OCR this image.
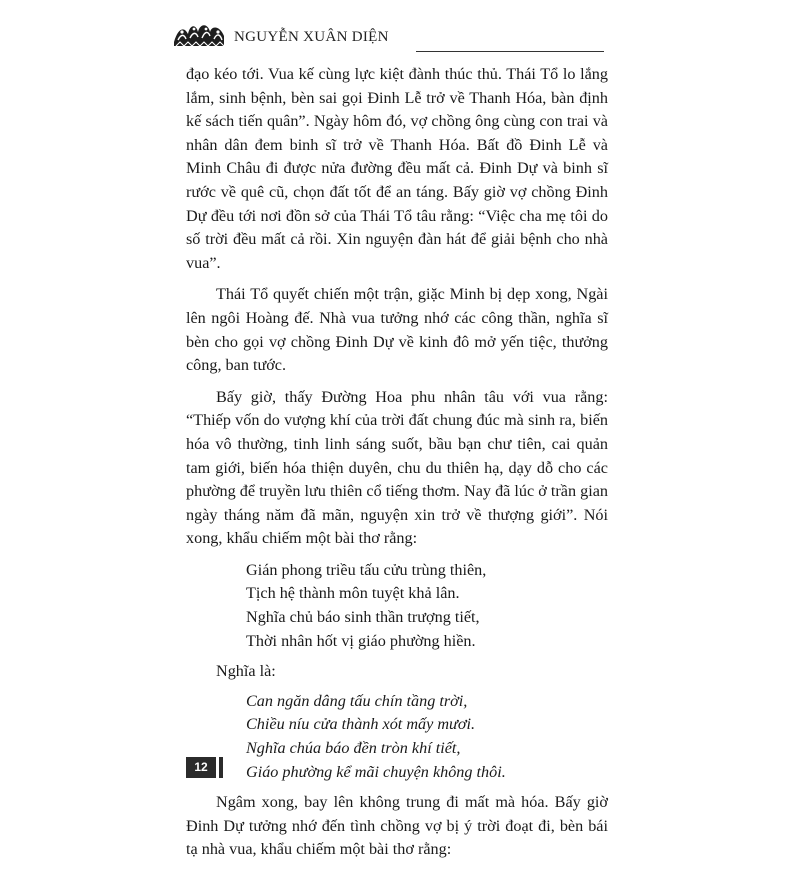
NGUYỄN XUÂN DIỆN

đạo kéo tới. Vua kế cùng lực kiệt đành thúc thủ. Thái Tổ lo lắng lắm, sinh bệnh, bèn sai gọi Đinh Lễ trở về Thanh Hóa, bàn định kế sách tiến quân”. Ngày hôm đó, vợ chồng ông cùng con trai và nhân dân đem binh sĩ trở về Thanh Hóa. Bất đồ Đinh Lễ và Minh Châu đi được nửa đường đều mất cả. Đinh Dự và binh sĩ rước về quê cũ, chọn đất tốt để an táng. Bấy giờ vợ chồng Đinh Dự đều tới nơi đồn sở của Thái Tổ tâu rằng: “Việc cha mẹ tôi do số trời đều mất cả rồi. Xin nguyện đàn hát để giải bệnh cho nhà vua”.

Thái Tổ quyết chiến một trận, giặc Minh bị dẹp xong, Ngài lên ngôi Hoàng đế. Nhà vua tưởng nhớ các công thần, nghĩa sĩ bèn cho gọi vợ chồng Đinh Dự về kinh đô mở yến tiệc, thưởng công, ban tước.

Bấy giờ, thấy Đường Hoa phu nhân tâu với vua rằng: “Thiếp vốn do vượng khí của trời đất chung đúc mà sinh ra, biến hóa vô thường, tinh linh sáng suốt, bầu bạn chư tiên, cai quản tam giới, biến hóa thiện duyên, chu du thiên hạ, dạy dỗ cho các phường để truyền lưu thiên cổ tiếng thơm. Nay đã lúc ở trần gian ngày tháng năm đã mãn, nguyện xin trở về thượng giới”. Nói xong, khẩu chiếm một bài thơ rằng:

Gián phong triều tấu cửu trùng thiên,
Tịch hệ thành môn tuyệt khả lân.
Nghĩa chủ báo sinh thần trượng tiết,
Thời nhân hốt vị giáo phường hiền.
Nghĩa là:
Can ngăn dâng tấu chín tầng trời,
Chiều níu cửa thành xót mấy mươi.
Nghĩa chúa báo đền tròn khí tiết,
Giáo phường kể mãi chuyện không thôi.

Ngâm xong, bay lên không trung đi mất mà hóa. Bấy giờ Đinh Dự tưởng nhớ đến tình chồng vợ bị ý trời đoạt đi, bèn bái tạ nhà vua, khẩu chiếm một bài thơ rằng:

12
